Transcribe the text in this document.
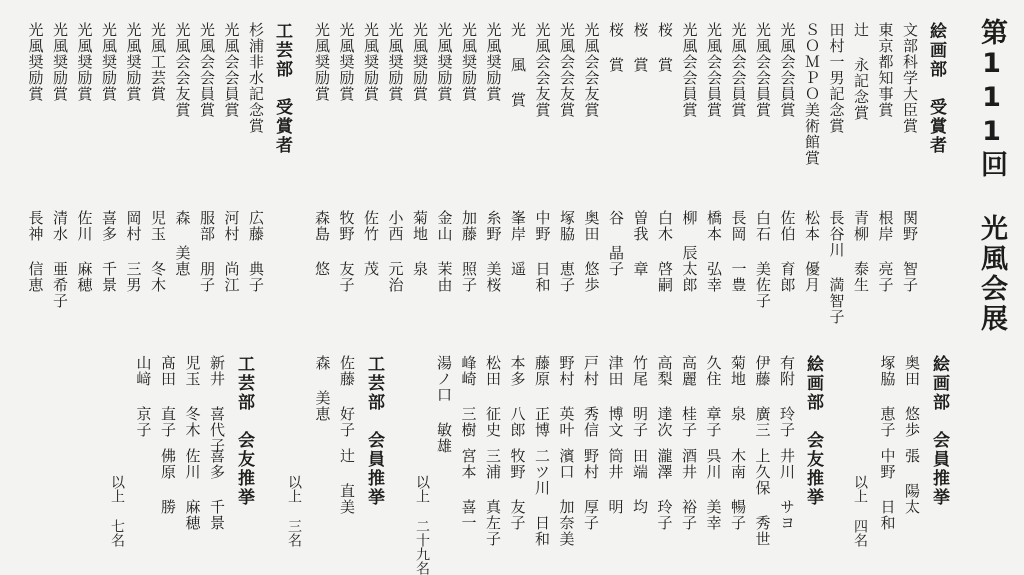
第111回 光風会展
絵画部　受賞者
文部科学大臣賞
関野 智子
東京都知事賞
根岸 亮子
辻 永記念賞
青柳 泰生
田村一男記念賞
長谷川 満智子
ＳＯＭＰＯ美術館賞
松本 優月
光風会会員賞
佐伯 育郎
光風会会員賞
白石 美佐子
光風会会員賞
長岡 一豊
光風会会員賞
橋本 弘幸
光風会会員賞
柳 辰太郎
桜 賞
白木 啓嗣
桜 賞
曽我 章
桜 賞
谷 晶子
光風会会友賞
奥田 悠歩
光風会会友賞
塚脇 恵子
光風会会友賞
中野 日和
光 風 賞
峯岸 遥
光風奨励賞
糸野 美桜
光風奨励賞
加藤 照子
光風奨励賞
金山 茉由
光風奨励賞
菊地 泉
光風奨励賞
小西 元治
光風奨励賞
佐竹 茂
光風奨励賞
牧野 友子
光風奨励賞
森島 悠
工芸部　受賞者
杉浦非水記念賞
広藤 典子
光風会会員賞
河村 尚江
光風会会員賞
服部 朋子
光風会会友賞
森 美恵
光風工芸賞
児玉 冬木
光風奨励賞
岡村 三男
光風奨励賞
喜多 千景
光風奨励賞
佐川 麻穂
光風奨励賞
清水 亜希子
光風奨励賞
長神 信恵
絵画部　会員推挙
奥田 悠歩
張 陽太
塚脇 恵子
中野 日和
以上 四名
絵画部　会友推挙
有附 玲子
井川 サヨ
伊藤 廣三
上久保 秀世
菊地 泉
木南 暢子
久住 章子
呉川 美幸
高麗 桂子
酒井 裕子
高梨 達次
瀧澤 玲子
竹尾 明子
田端 均
津田 博文
筒井 明
戸村 秀信
野村 厚子
野村 英叶
濱口 加奈美
藤原 正博
二ツ川 日和
本多 八郎
牧野 友子
松田 征史
三浦 真左子
峰崎 三樹
宮本 喜一
湯ノ口 敏雄
以上 二十九名
工芸部　会員推挙
佐藤 好子
辻 直美
森 美恵
以上 三名
工芸部　会友推挙
新井 喜代子
喜多 千景
児玉 冬木
佐川 麻穂
髙田 直子
佛原 勝
山﨑 京子
以上 七名
